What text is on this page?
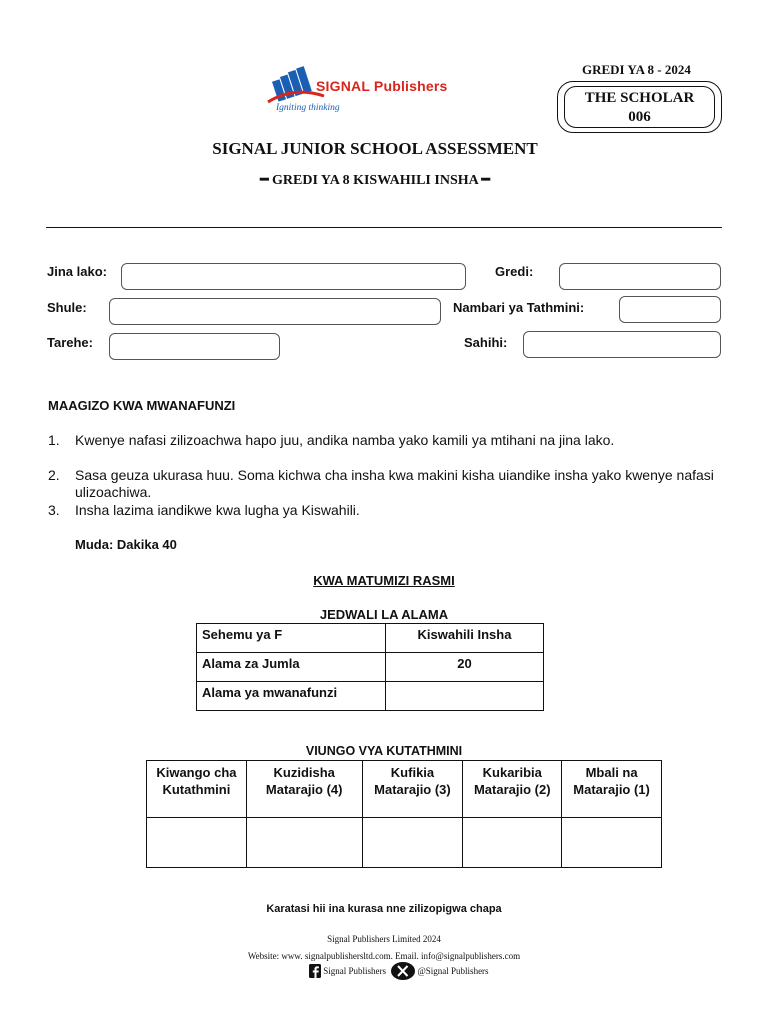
SIGNAL Publishers
Igniting thinking
GREDI YA 8 - 2024
THE SCHOLAR
006
SIGNAL JUNIOR SCHOOL ASSESSMENT
━ GREDI YA 8 KISWAHILI INSHA ━
Jina lako:	Gredi:
Shule:	Nambari ya Tathmini:
Tarehe:	Sahihi:
MAAGIZO KWA MWANAFUNZI
1. Kwenye nafasi zilizoachwa hapo juu, andika namba yako kamili ya mtihani na jina lako.
2. Sasa geuza ukurasa huu. Soma kichwa cha insha kwa makini kisha uiandike insha yako kwenye nafasi ulizoachiwa.
3. Insha lazima iandikwe kwa lugha ya Kiswahili.
Muda: Dakika 40
KWA MATUMIZI RASMI
JEDWALI LA ALAMA
Sehemu ya F	Kiswahili Insha
Alama za Jumla	20
Alama ya mwanafunzi	
VIUNGO VYA KUTATHMINI
Kiwango cha Kutathmini	Kuzidisha Matarajio (4)	Kufikia Matarajio (3)	Kukaribia Matarajio (2)	Mbali na Matarajio (1)

Karatasi hii ina kurasa nne zilizopigwa chapa
Signal Publishers Limited 2024
Website: www. signalpublishersltd.com. Email. info@signalpublishers.com
Signal Publishers	@Signal Publishers
